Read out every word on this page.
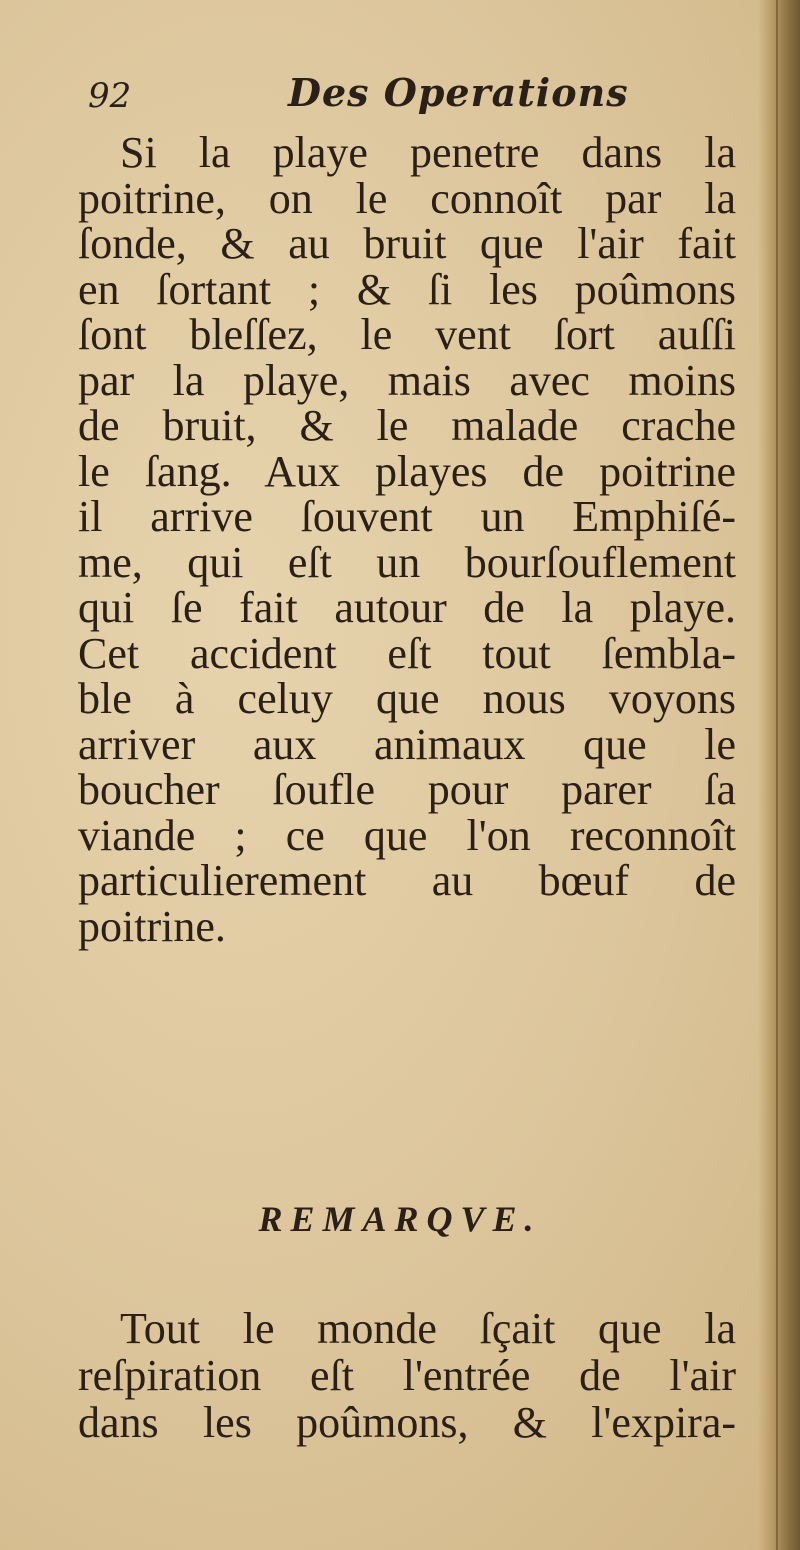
92	Des Operations
Si la playe penetre dans la
poitrine, on le connoît par la
ſonde, & au bruit que l'air fait
en ſortant ; & ſi les poûmons
ſont bleſſez, le vent ſort auſſi
par la playe, mais avec moins
de bruit, & le malade crache
le ſang. Aux playes de poitrine
il arrive ſouvent un Emphiſé-
me, qui eſt un bourſouflement
qui ſe fait autour de la playe.
Cet accident eſt tout ſembla-
ble à celuy que nous voyons
arriver aux animaux que le
boucher ſoufle pour parer ſa
viande ; ce que l'on reconnoît
particulierement au bœuf de
poitrine.
REMARQVE.
Tout le monde ſçait que la
reſpiration eſt l'entrée de l'air
dans les poûmons, & l'expira-
